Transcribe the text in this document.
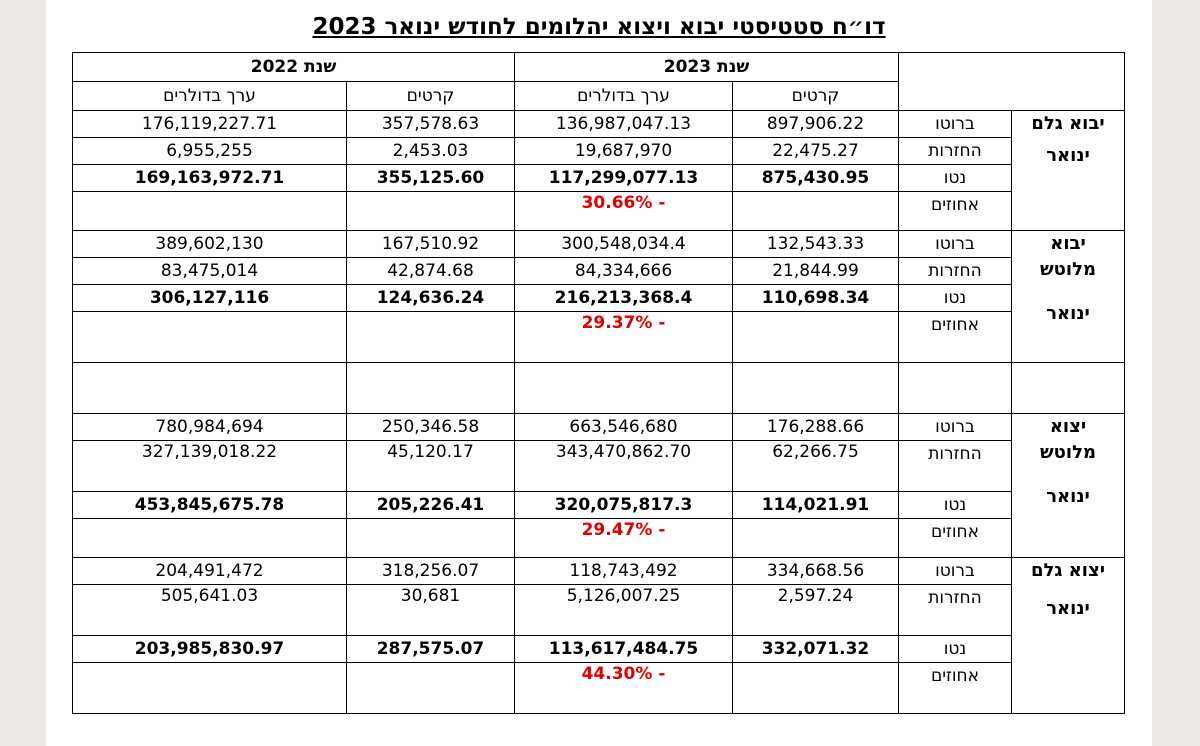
דו״ח סטטיסטי יבוא ויצוא יהלומים לחודש ינואר 2023
		שנת 2023		שנת 2022	
		קרטים	ערך בדולרים	קרטים	ערך בדולרים

יבוא גלם
ינואר	ברוטו	897,906.22	136,987,047.13	357,578.63	176,119,227.71
	החזרות	22,475.27	19,687,970	2,453.03	6,955,255
	נטו	875,430.95	117,299,077.13	355,125.60	169,163,972.71
	אחוזים		- 30.66%		

יבוא
מלוטש
ינואר	ברוטו	132,543.33	300,548,034.4	167,510.92	389,602,130
	החזרות	21,844.99	84,334,666	42,874.68	83,475,014
	נטו	110,698.34	216,213,368.4	124,636.24	306,127,116
	אחוזים		- 29.37%		

יצוא
מלוטש
ינואר	ברוטו	176,288.66	663,546,680	250,346.58	780,984,694
	החזרות	62,266.75	343,470,862.70	45,120.17	327,139,018.22
	נטו	114,021.91	320,075,817.3	205,226.41	453,845,675.78
	אחוזים		- 29.47%		

יצוא גלם
ינואר	ברוטו	334,668.56	118,743,492	318,256.07	204,491,472
	החזרות	2,597.24	5,126,007.25	30,681	505,641.03
	נטו	332,071.32	113,617,484.75	287,575.07	203,985,830.97
	אחוזים		- 44.30%		
